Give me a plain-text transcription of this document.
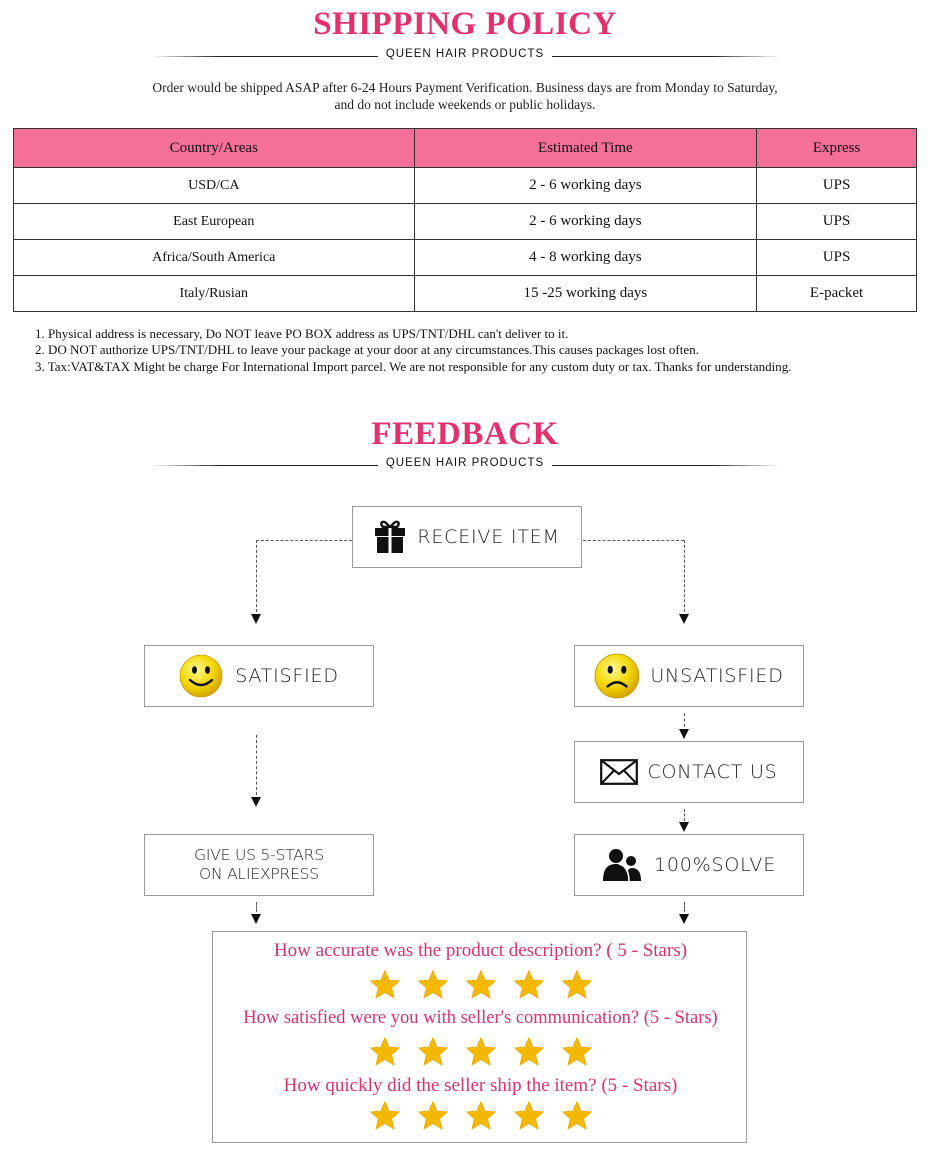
SHIPPING POLICY
QUEEN HAIR PRODUCTS
Order would be shipped ASAP after 6-24 Hours Payment Verification. Business days are from Monday to Saturday,
and do not include weekends or public holidays.
Country/Areas	Estimated Time	Express
USD/CA	2 - 6 working days	UPS
East European	2 - 6 working days	UPS
Africa/South America	4 - 8 working days	UPS
Italy/Rusian	15 -25 working days	E-packet
1. Physical address is necessary, Do NOT leave PO BOX address as UPS/TNT/DHL can't deliver to it.
2. DO NOT authorize UPS/TNT/DHL to leave your package at your door at any circumstances.This causes packages lost often.
3. Tax:VAT&TAX Might be charge For International Import parcel. We are not responsible for any custom duty or tax. Thanks for understanding.
FEEDBACK
QUEEN HAIR PRODUCTS
RECEIVE ITEM
SATISFIED	UNSATISFIED
CONTACT US
GIVE US 5-STARS
ON ALIEXPRESS	100%SOLVE
How accurate was the product description? ( 5 - Stars)
How satisfied were you with seller's communication? (5 - Stars)
How quickly did the seller ship the item? (5 - Stars)
